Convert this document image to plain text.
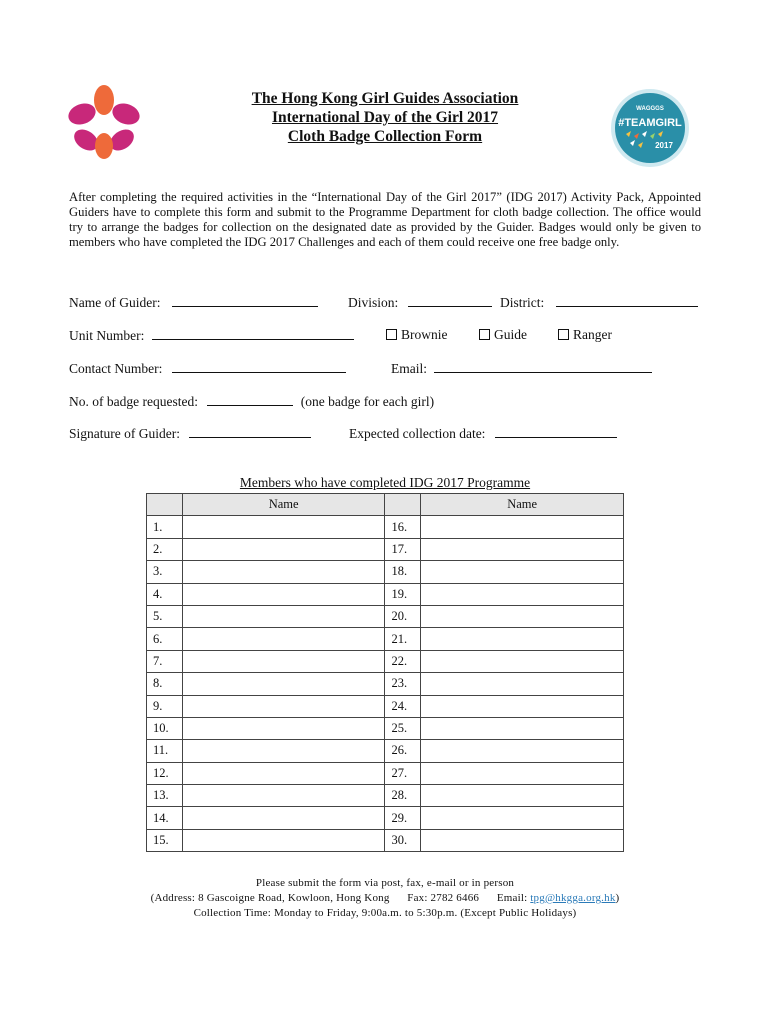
The Hong Kong Girl Guides Association
International Day of the Girl 2017
Cloth Badge Collection Form
WAGGGS
#TEAMGIRL
2017
After completing the required activities in the “International Day of the Girl 2017” (IDG 2017) Activity Pack, Appointed Guiders have to complete this form and submit to the Programme Department for cloth badge collection. The office would try to arrange the badges for collection on the designated date as provided by the Guider. Badges would only be given to members who have completed the IDG 2017 Challenges and each of them could receive one free badge only.
Name of Guider:	Division:	District:
Unit Number:	Brownie	Guide	Ranger
Contact Number:	Email:
No. of badge requested:	(one badge for each girl)
Signature of Guider:	Expected collection date:
Members who have completed IDG 2017 Programme
	Name		Name
1.		16.	
2.		17.	
3.		18.	
4.		19.	
5.		20.	
6.		21.	
7.		22.	
8.		23.	
9.		24.	
10.		25.	
11.		26.	
12.		27.	
13.		28.	
14.		29.	
15.		30.	
Please submit the form via post, fax, e-mail or in person
(Address: 8 Gascoigne Road, Kowloon, Hong Kong Fax: 2782 6466 Email: tpg@hkgga.org.hk)
Collection Time: Monday to Friday, 9:00a.m. to 5:30p.m. (Except Public Holidays)
